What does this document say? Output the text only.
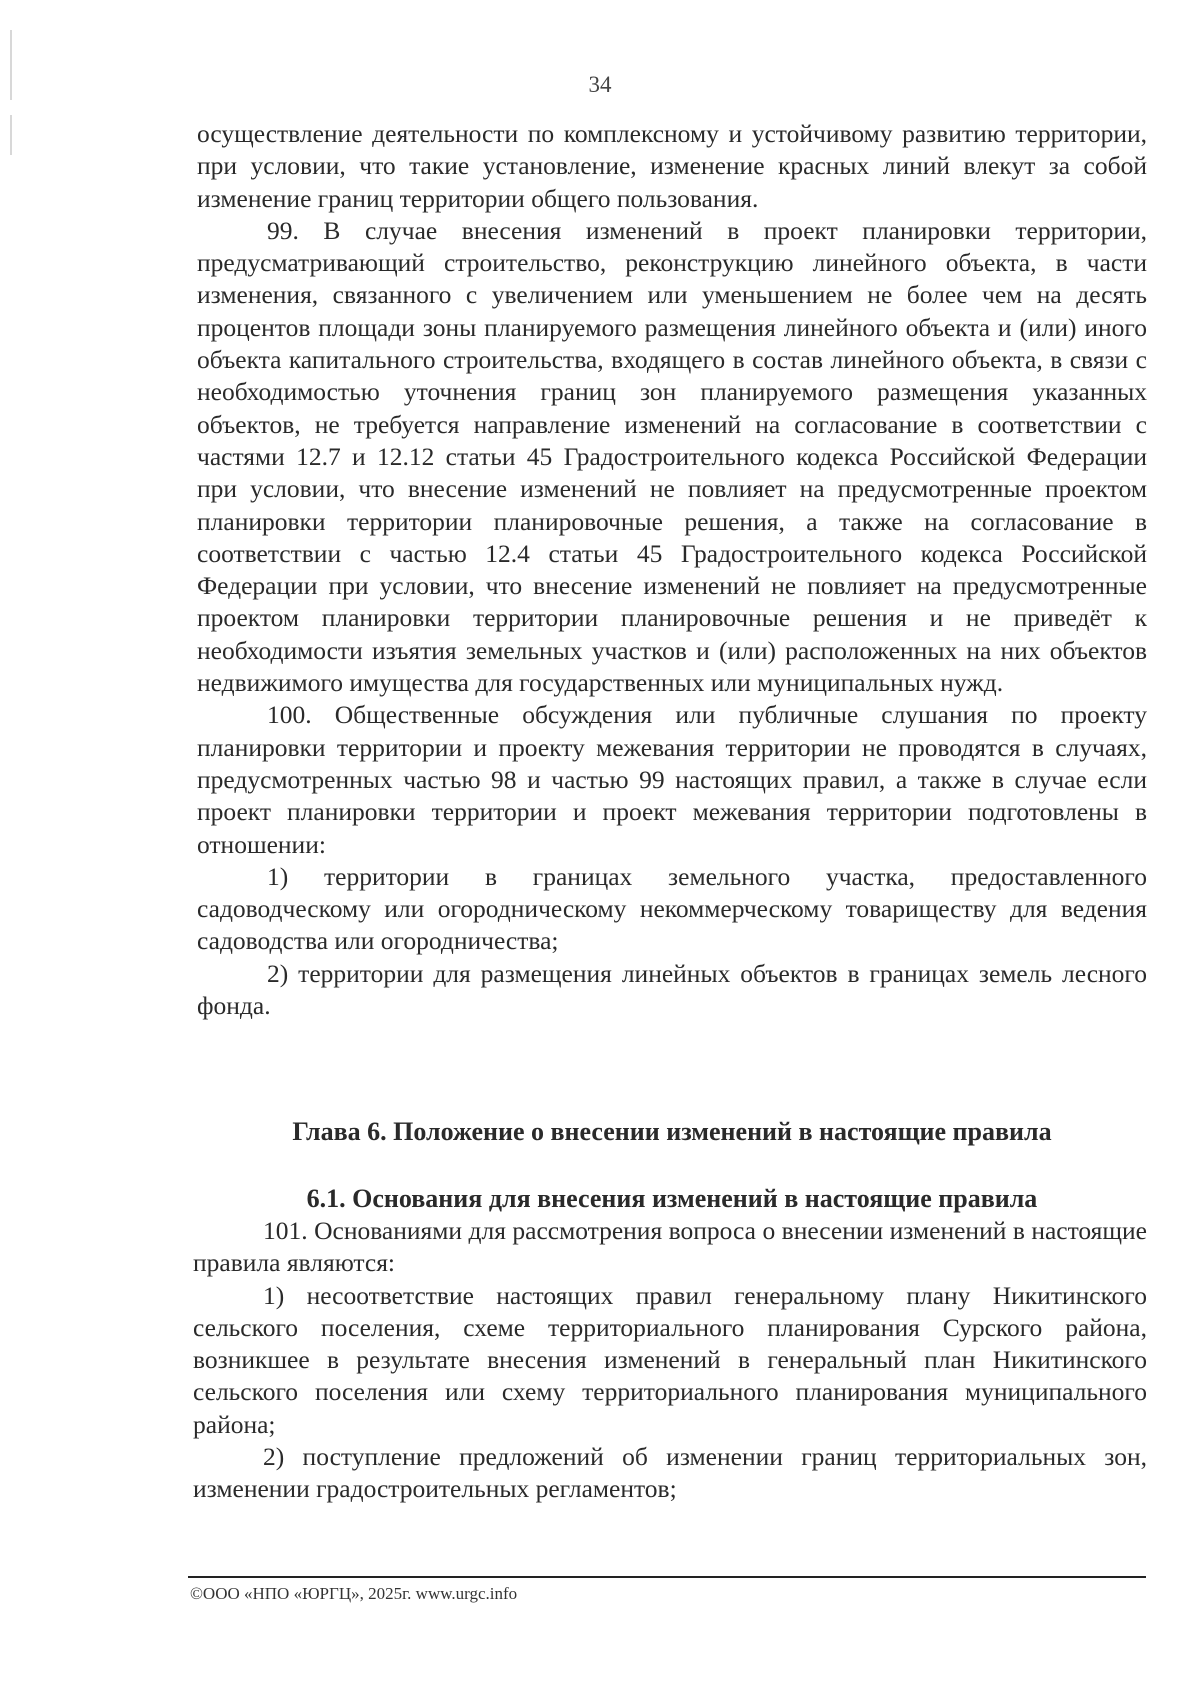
34

осуществление деятельности по комплексному и устойчивому развитию территории, при условии, что такие установление, изменение красных линий влекут за собой изменение границ территории общего пользования.

99. В случае внесения изменений в проект планировки территории, предусматривающий строительство, реконструкцию линейного объекта, в части изменения, связанного с увеличением или уменьшением не более чем на десять процентов площади зоны планируемого размещения линейного объекта и (или) иного объекта капитального строительства, входящего в состав линейного объекта, в связи с необходимостью уточнения границ зон планируемого размещения указанных объектов, не требуется направление изменений на согласование в соответствии с частями 12.7 и 12.12 статьи 45 Градостроительного кодекса Российской Федерации при условии, что внесение изменений не повлияет на предусмотренные проектом планировки территории планировочные решения, а также на согласование в соответствии с частью 12.4 статьи 45 Градостроительного кодекса Российской Федерации при условии, что внесение изменений не повлияет на предусмотренные проектом планировки территории планировочные решения и не приведёт к необходимости изъятия земельных участков и (или) расположенных на них объектов недвижимого имущества для государственных или муниципальных нужд.

100. Общественные обсуждения или публичные слушания по проекту планировки территории и проекту межевания территории не проводятся в случаях, предусмотренных частью 98 и частью 99 настоящих правил, а также в случае если проект планировки территории и проект межевания территории подготовлены в отношении:

1) территории в границах земельного участка, предоставленного садоводческому или огородническому некоммерческому товариществу для ведения садоводства или огородничества;

2) территории для размещения линейных объектов в границах земель лесного фонда.

Глава 6. Положение о внесении изменений в настоящие правила
6.1. Основания для внесения изменений в настоящие правила

101. Основаниями для рассмотрения вопроса о внесении изменений в настоящие правила являются:

1) несоответствие настоящих правил генеральному плану Никитинского сельского поселения, схеме территориального планирования Сурского района, возникшее в результате внесения изменений в генеральный план Никитинского сельского поселения или схему территориального планирования муниципального района;

2) поступление предложений об изменении границ территориальных зон, изменении градостроительных регламентов;

©ООО «НПО «ЮРГЦ», 2025г. www.urgc.info
